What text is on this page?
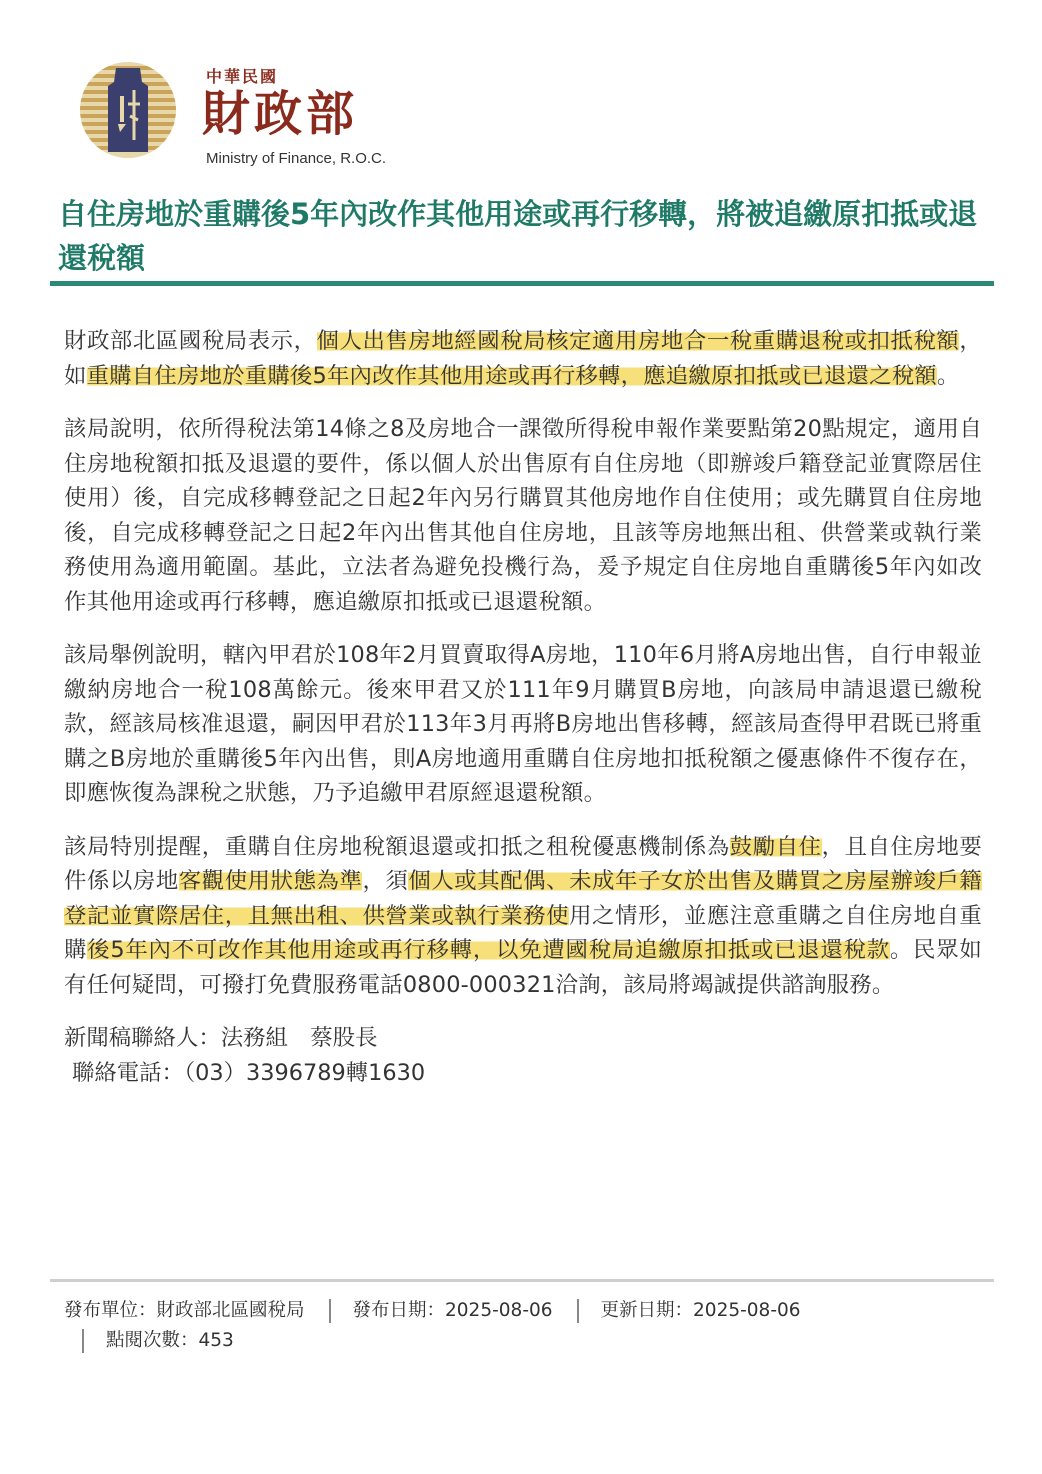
中華民國
財政部
Ministry of Finance, R.O.C.
自住房地於重購後5年內改作其他用途或再行移轉，將被追繳原扣抵或退還稅額

財政部北區國稅局表示，個人出售房地經國稅局核定適用房地合一稅重購退稅或扣抵稅額，如重購自住房地於重購後5年內改作其他用途或再行移轉，應追繳原扣抵或已退還之稅額。

該局說明，依所得稅法第14條之8及房地合一課徵所得稅申報作業要點第20點規定，適用自住房地稅額扣抵及退還的要件，係以個人於出售原有自住房地（即辦竣戶籍登記並實際居住使用）後，自完成移轉登記之日起2年內另行購買其他房地作自住使用；或先購買自住房地後，自完成移轉登記之日起2年內出售其他自住房地，且該等房地無出租、供營業或執行業務使用為適用範圍。基此，立法者為避免投機行為，爰予規定自住房地自重購後5年內如改作其他用途或再行移轉，應追繳原扣抵或已退還稅額。

該局舉例說明，轄內甲君於108年2月買賣取得A房地，110年6月將A房地出售，自行申報並繳納房地合一稅108萬餘元。後來甲君又於111年9月購買B房地，向該局申請退還已繳稅款，經該局核准退還，嗣因甲君於113年3月再將B房地出售移轉，經該局查得甲君既已將重購之B房地於重購後5年內出售，則A房地適用重購自住房地扣抵稅額之優惠條件不復存在，即應恢復為課稅之狀態，乃予追繳甲君原經退還稅額。

該局特別提醒，重購自住房地稅額退還或扣抵之租稅優惠機制係為鼓勵自住，且自住房地要件係以房地客觀使用狀態為準，須個人或其配偶、未成年子女於出售及購買之房屋辦竣戶籍登記並實際居住，且無出租、供營業或執行業務使用之情形，並應注意重購之自住房地自重購後5年內不可改作其他用途或再行移轉，以免遭國稅局追繳原扣抵或已退還稅款。民眾如有任何疑問，可撥打免費服務電話0800-000321洽詢，該局將竭誠提供諮詢服務。

新聞稿聯絡人：法務組　蔡股長

聯絡電話：（03）3396789轉1630

發布單位：財政部北區國稅局	發布日期：2025-08-06	更新日期：2025-08-06
點閱次數：453
